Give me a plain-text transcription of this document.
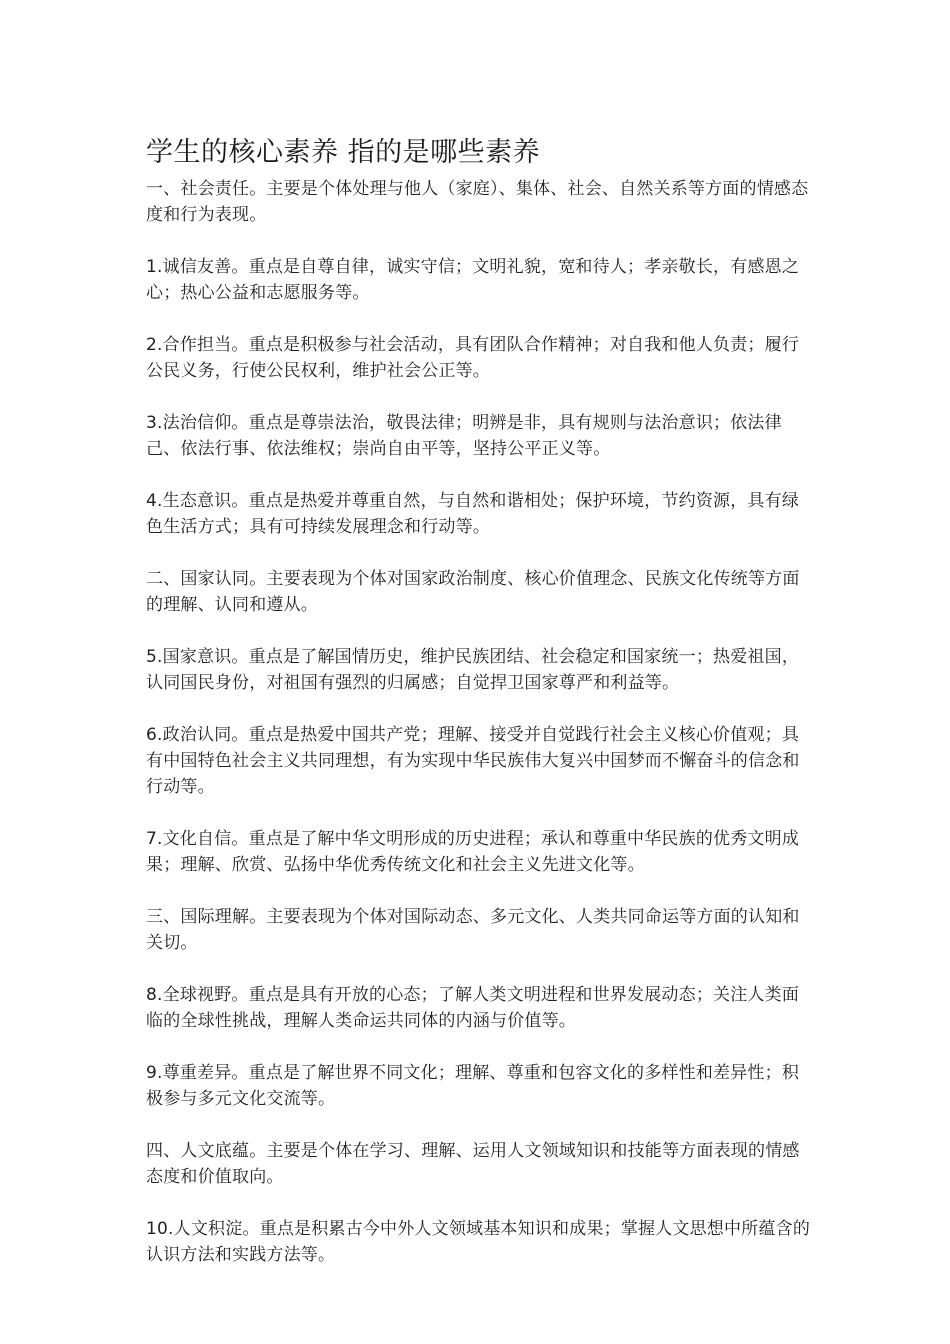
学生的核心素养 指的是哪些素养

一、社会责任。主要是个体处理与他人（家庭）、集体、社会、自然关系等方面的情感态度和行为表现。

1.诚信友善。重点是自尊自律，诚实守信；文明礼貌，宽和待人；孝亲敬长，有感恩之心；热心公益和志愿服务等。

2.合作担当。重点是积极参与社会活动，具有团队合作精神；对自我和他人负责；履行公民义务，行使公民权利，维护社会公正等。

3.法治信仰。重点是尊崇法治，敬畏法律；明辨是非，具有规则与法治意识；依法律己、依法行事、依法维权；崇尚自由平等，坚持公平正义等。

4.生态意识。重点是热爱并尊重自然，与自然和谐相处；保护环境，节约资源，具有绿色生活方式；具有可持续发展理念和行动等。

二、国家认同。主要表现为个体对国家政治制度、核心价值理念、民族文化传统等方面的理解、认同和遵从。

5.国家意识。重点是了解国情历史，维护民族团结、社会稳定和国家统一；热爱祖国，认同国民身份，对祖国有强烈的归属感；自觉捍卫国家尊严和利益等。

6.政治认同。重点是热爱中国共产党；理解、接受并自觉践行社会主义核心价值观；具有中国特色社会主义共同理想，有为实现中华民族伟大复兴中国梦而不懈奋斗的信念和行动等。

7.文化自信。重点是了解中华文明形成的历史进程；承认和尊重中华民族的优秀文明成果；理解、欣赏、弘扬中华优秀传统文化和社会主义先进文化等。

三、国际理解。主要表现为个体对国际动态、多元文化、人类共同命运等方面的认知和关切。

8.全球视野。重点是具有开放的心态；了解人类文明进程和世界发展动态；关注人类面临的全球性挑战，理解人类命运共同体的内涵与价值等。

9.尊重差异。重点是了解世界不同文化；理解、尊重和包容文化的多样性和差异性；积极参与多元文化交流等。

四、人文底蕴。主要是个体在学习、理解、运用人文领域知识和技能等方面表现的情感态度和价值取向。

10.人文积淀。重点是积累古今中外人文领域基本知识和成果；掌握人文思想中所蕴含的认识方法和实践方法等。
